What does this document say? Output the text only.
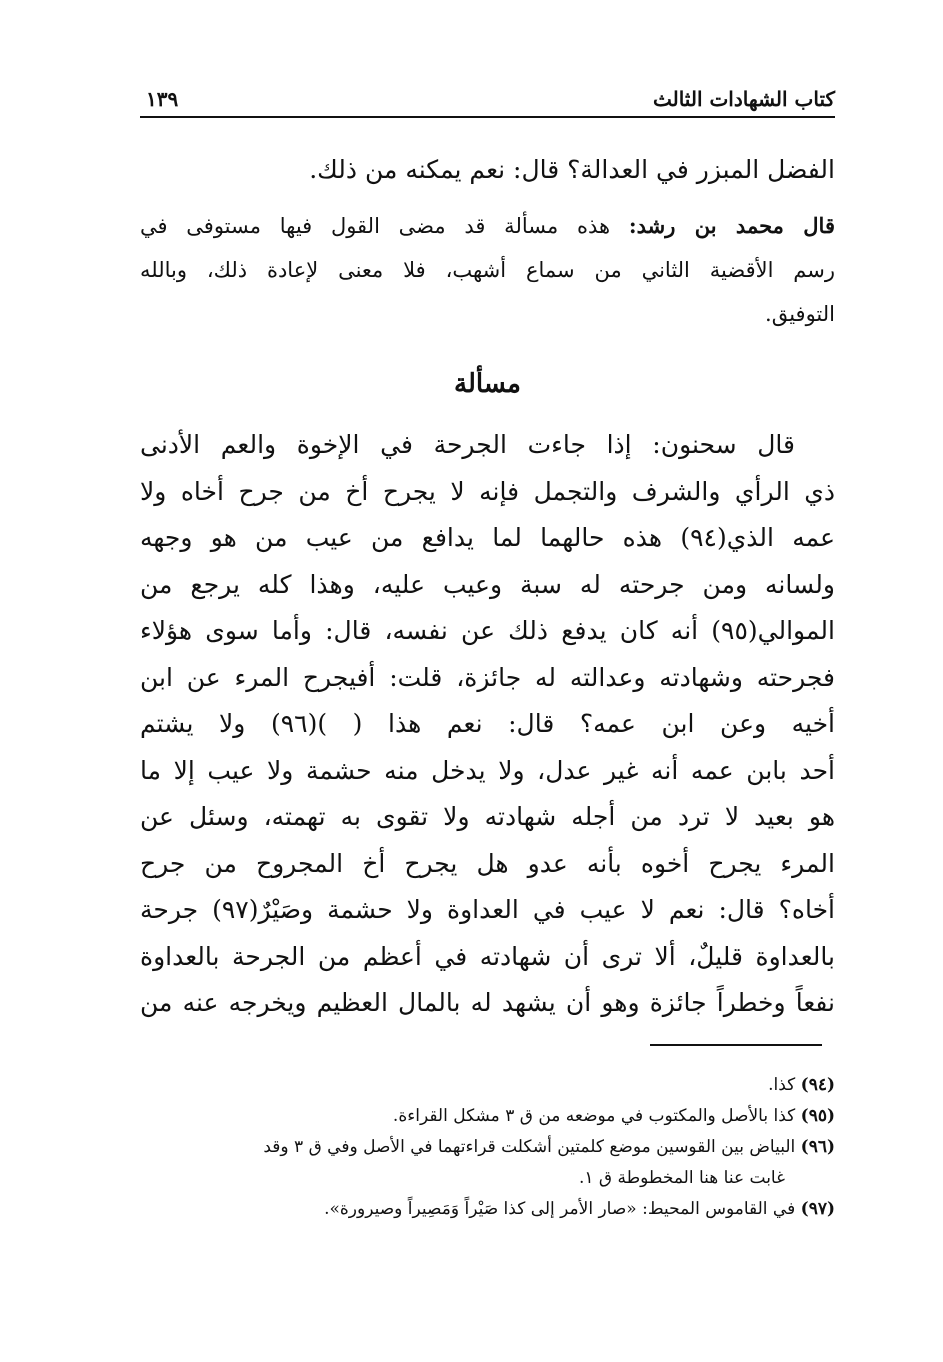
كتاب الشهادات الثالث
١٣٩
الفضل المبزر في العدالة؟ قال: نعم يمكنه من ذلك.
قال محمد بن رشد: هذه مسألة قد مضى القول فيها مستوفى في
رسم الأقضية الثاني من سماع أشهب، فلا معنى لإعادة ذلك، وبالله
التوفيق.
مسألة
قال سحنون: إذا جاءت الجرحة في الإخوة والعم الأدنى
ذي الرأي والشرف والتجمل فإنه لا يجرح أخ من جرح أخاه ولا
عمه الذي(٩٤) هذه حالهما لما يدافع من عيب من هو وجهه
ولسانه ومن جرحته له سبة وعيب عليه، وهذا كله يرجع من
الموالي(٩٥) أنه كان يدفع ذلك عن نفسه، قال: وأما سوى هؤلاء
فجرحته وشهادته وعدالته له جائزة، قلت: أفيجرح المرء عن ابن
أخيه وعن ابن عمه؟ قال: نعم هذا ( )(٩٦) ولا يشتم
أحد بابن عمه أنه غير عدل، ولا يدخل منه حشمة ولا عيب إلا ما
هو بعيد لا ترد من أجله شهادته ولا تقوى به تهمته، وسئل عن
المرء يجرح أخوه بأنه عدو هل يجرح أخ المجروح من جرح
أخاه؟ قال: نعم لا عيب في العداوة ولا حشمة وصَيْرٌ(٩٧) جرحة
بالعداوة قليلٌ، ألا ترى أن شهادته في أعظم من الجرحة بالعداوة
نفعاً وخطراً جائزة وهو أن يشهد له بالمال العظيم ويخرجه عنه من
(٩٤) كذا.
(٩٥) كذا بالأصل والمكتوب في موضعه من ق ٣ مشكل القراءة.
(٩٦) البياض بين القوسين موضع كلمتين أشكلت قراءتهما في الأصل وفي ق ٣ وقد
غابت عنا هنا المخطوطة ق ١.
(٩٧) في القاموس المحيط: «صار الأمر إلى كذا صَيْراً وَمَصِيراً وصيرورة».
